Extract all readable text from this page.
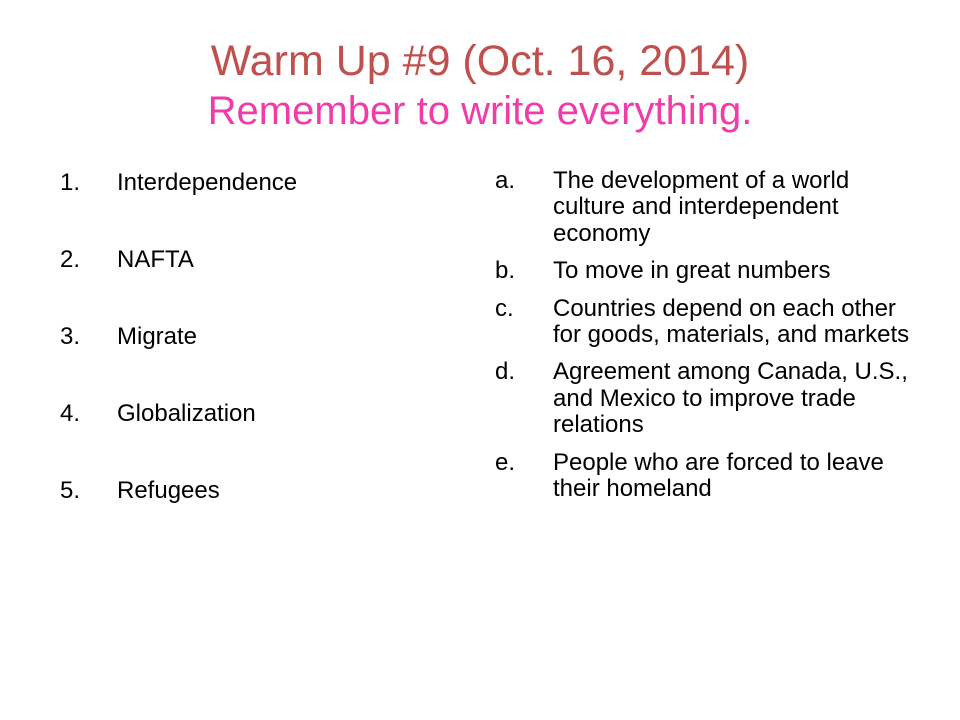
Warm Up #9 (Oct. 16, 2014)
Remember to write everything.
1.	Interdependence
2.	NAFTA
3.	Migrate
4.	Globalization
5.	Refugees
a.	The development of a world culture and interdependent economy
b.	To move in great numbers
c.	Countries depend on each other for goods, materials, and markets
d.	Agreement among Canada, U.S., and Mexico to improve trade relations
e.	People who are forced to leave their homeland
